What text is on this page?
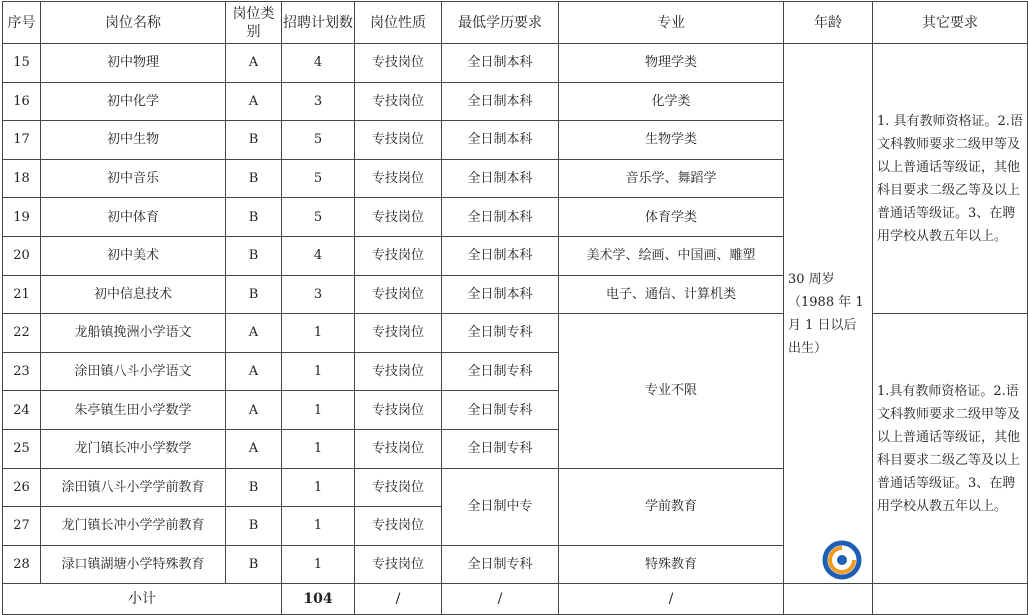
序号	岗位名称	岗位类别	招聘计划数	岗位性质	最低学历要求	专业	年龄	其它要求
15	初中物理	A	4	专技岗位	全日制本科	物理学类	30 周岁（1988 年 1 月 1 日以后出生）	1. 具有教师资格证。2.语文科教师要求二级甲等及以上普通话等级证，其他科目要求二级乙等及以上普通话等级证。3、在聘用学校从教五年以上。

16	初中化学	A	3	专技岗位	全日制本科	化学类		
17	初中生物	B	5	专技岗位	全日制本科	生物学类		
18	初中音乐	B	5	专技岗位	全日制本科	音乐学、舞蹈学		
19	初中体育	B	5	专技岗位	全日制本科	体育学类		
20	初中美术	B	4	专技岗位	全日制本科	美术学、绘画、中国画、雕塑		
21	初中信息技术	B	3	专技岗位	全日制本科	电子、通信、计算机类		
22	龙船镇挽洲小学语文	A	1	专技岗位	全日制专科	专业不限		1.具有教师资格证。2.语文科教师要求二级甲等及以上普通话等级证，其他科目要求二级乙等及以上普通话等级证。3、在聘用学校从教五年以上。

23	涂田镇八斗小学语文	A	1	专技岗位	全日制专科			
24	朱亭镇生田小学数学	A	1	专技岗位	全日制专科			
25	龙门镇长冲小学数学	A	1	专技岗位	全日制专科			
26	涂田镇八斗小学学前教育	B	1	专技岗位	全日制中专	学前教育		
27	龙门镇长冲小学学前教育	B	1	专技岗位				
28	渌口镇湖塘小学特殊教育	B	1	专技岗位	全日制专科	特殊教育		
小计			104	/	/	/		
